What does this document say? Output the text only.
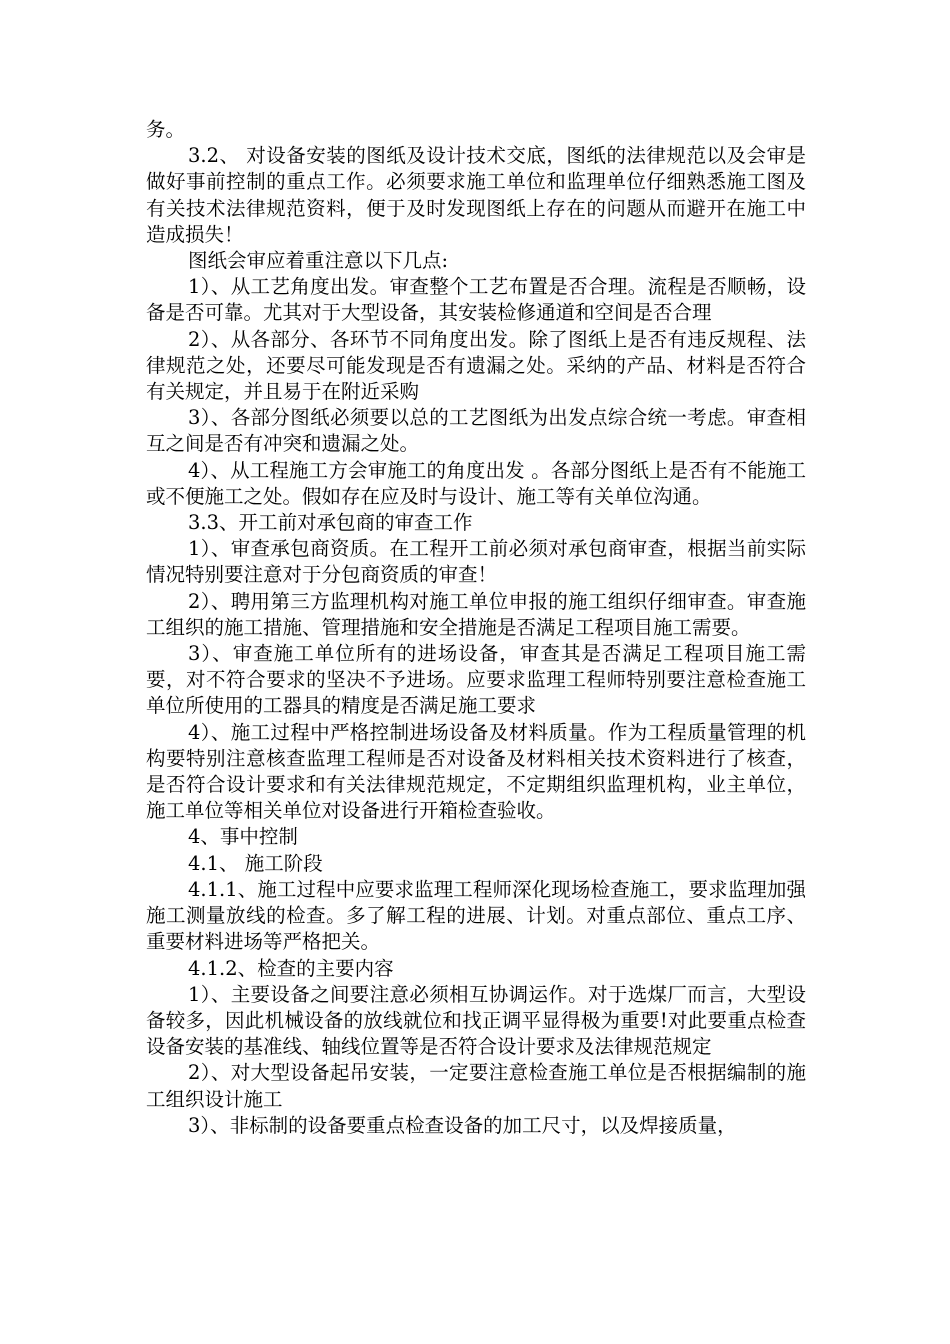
务。

3.2、 对设备安装的图纸及设计技术交底，图纸的法律规范以及会审是做好事前控制的重点工作。必须要求施工单位和监理单位仔细熟悉施工图及有关技术法律规范资料，便于及时发现图纸上存在的问题从而避开在施工中造成损失！

图纸会审应着重注意以下几点:

1）、从工艺角度出发。审查整个工艺布置是否合理。流程是否顺畅，设备是否可靠。尤其对于大型设备，其安装检修通道和空间是否合理

2）、从各部分、各环节不同角度出发。除了图纸上是否有违反规程、法律规范之处，还要尽可能发现是否有遗漏之处。采纳的产品、材料是否符合有关规定，并且易于在附近采购

3）、各部分图纸必须要以总的工艺图纸为出发点综合统一考虑。审查相互之间是否有冲突和遗漏之处。

4）、从工程施工方会审施工的角度出发 。各部分图纸上是否有不能施工或不便施工之处。假如存在应及时与设计、施工等有关单位沟通。

3.3、开工前对承包商的审查工作

1）、审查承包商资质。在工程开工前必须对承包商审查，根据当前实际情况特别要注意对于分包商资质的审查！

2）、聘用第三方监理机构对施工单位申报的施工组织仔细审查。审查施工组织的施工措施、管理措施和安全措施是否满足工程项目施工需要。

3）、审查施工单位所有的进场设备，审查其是否满足工程项目施工需要，对不符合要求的坚决不予进场。应要求监理工程师特别要注意检查施工单位所使用的工器具的精度是否满足施工要求

4）、施工过程中严格控制进场设备及材料质量。作为工程质量管理的机构要特别注意核查监理工程师是否对设备及材料相关技术资料进行了核查，是否符合设计要求和有关法律规范规定，不定期组织监理机构，业主单位，施工单位等相关单位对设备进行开箱检查验收。

4、事中控制

4.1、 施工阶段

4.1.1、施工过程中应要求监理工程师深化现场检查施工，要求监理加强施工测量放线的检查。多了解工程的进展、计划。对重点部位、重点工序、重要材料进场等严格把关。

4.1.2、检查的主要内容

1）、主要设备之间要注意必须相互协调运作。对于选煤厂而言，大型设备较多，因此机械设备的放线就位和找正调平显得极为重要!对此要重点检查设备安装的基准线、轴线位置等是否符合设计要求及法律规范规定

2）、对大型设备起吊安装，一定要注意检查施工单位是否根据编制的施工组织设计施工

3）、非标制的设备要重点检查设备的加工尺寸，以及焊接质量，
